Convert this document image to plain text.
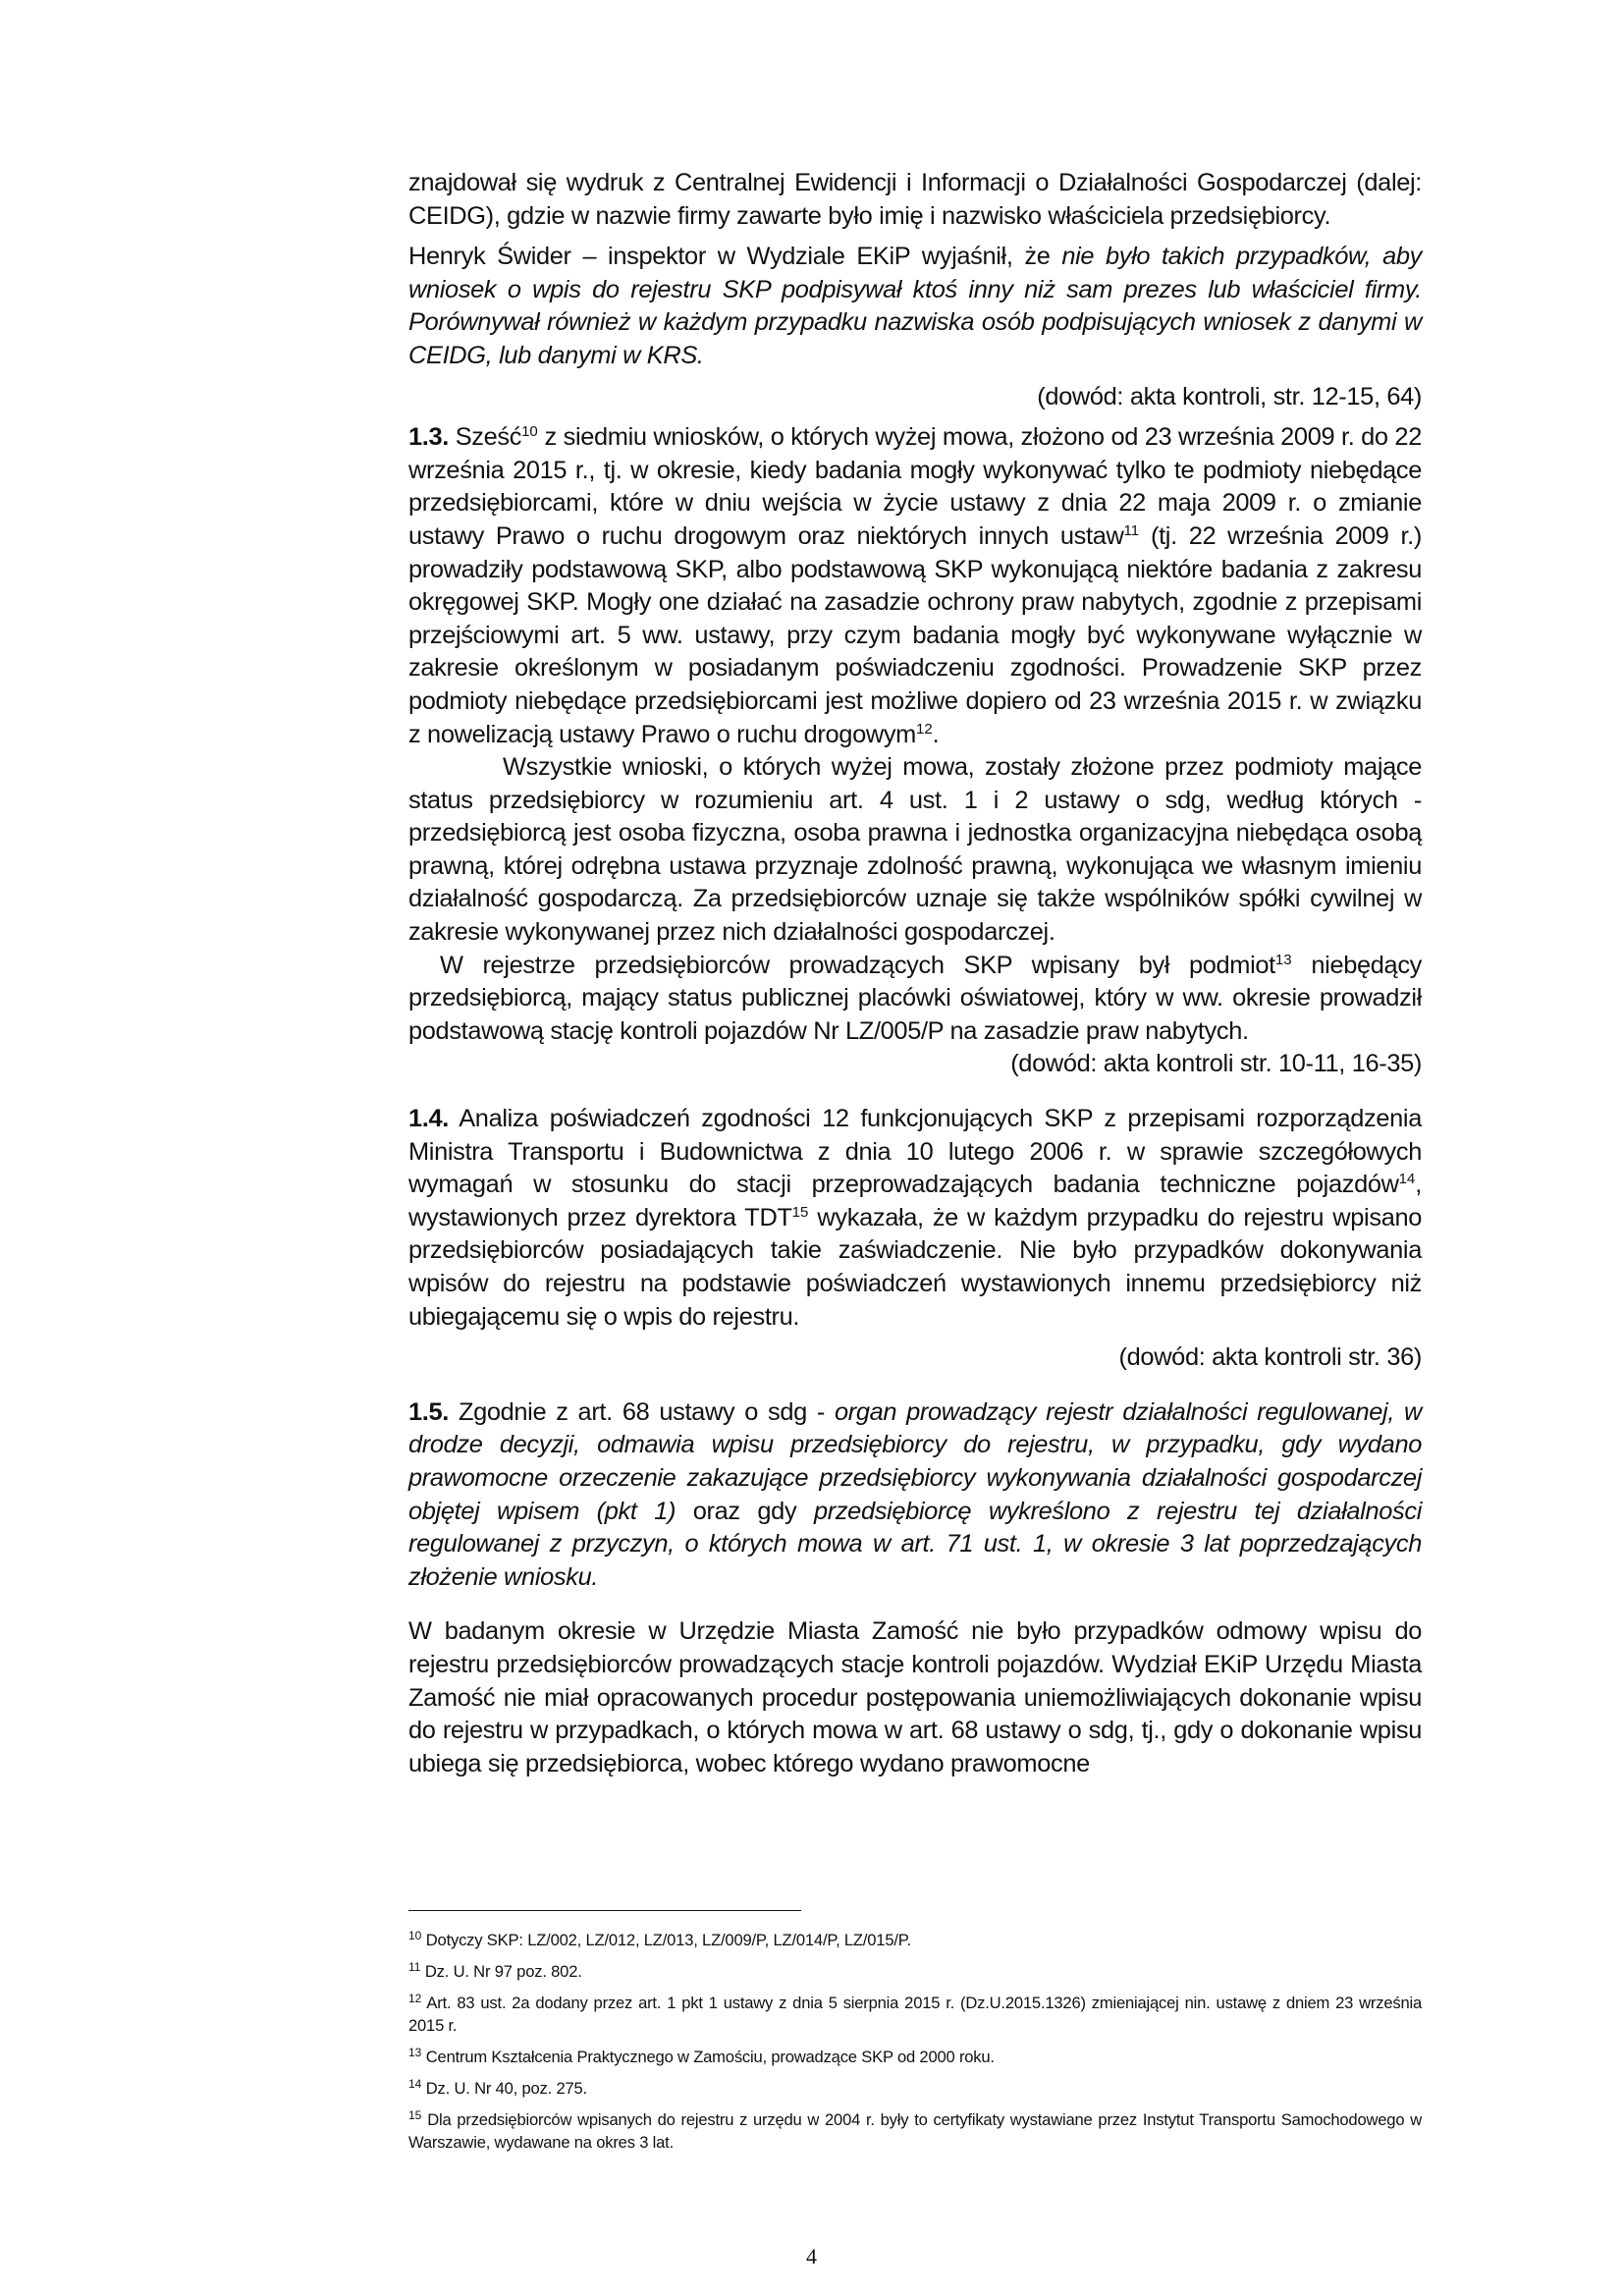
znajdował się wydruk z Centralnej Ewidencji i Informacji o Działalności Gospodarczej (dalej: CEIDG), gdzie w nazwie firmy zawarte było imię i nazwisko właściciela przedsiębiorcy.

Henryk Świder – inspektor w Wydziale EKiP wyjaśnił, że nie było takich przypadków, aby wniosek o wpis do rejestru SKP podpisywał ktoś inny niż sam prezes lub właściciel firmy. Porównywał również w każdym przypadku nazwiska osób podpisujących wniosek z danymi w CEIDG, lub danymi w KRS.

(dowód: akta kontroli, str. 12-15, 64)

1.3. Sześć$^{10}$ z siedmiu wniosków, o których wyżej mowa, złożono od 23 września 2009 r. do 22 września 2015 r., tj. w okresie, kiedy badania mogły wykonywać tylko te podmioty niebędące przedsiębiorcami, które w dniu wejścia w życie ustawy z dnia 22 maja 2009 r. o zmianie ustawy Prawo o ruchu drogowym oraz niektórych innych ustaw$^{11}$ (tj. 22 września 2009 r.) prowadziły podstawową SKP, albo podstawową SKP wykonującą niektóre badania z zakresu okręgowej SKP. Mogły one działać na zasadzie ochrony praw nabytych, zgodnie z przepisami przejściowymi art. 5 ww. ustawy, przy czym badania mogły być wykonywane wyłącznie w zakresie określonym w posiadanym poświadczeniu zgodności. Prowadzenie SKP przez podmioty niebędące przedsiębiorcami jest możliwe dopiero od 23 września 2015 r. w związku z nowelizacją ustawy Prawo o ruchu drogowym$^{12}$.

Wszystkie wnioski, o których wyżej mowa, zostały złożone przez podmioty mające status przedsiębiorcy w rozumieniu art. 4 ust. 1 i 2 ustawy o sdg, według których - przedsiębiorcą jest osoba fizyczna, osoba prawna i jednostka organizacyjna niebędąca osobą prawną, której odrębna ustawa przyznaje zdolność prawną, wykonująca we własnym imieniu działalność gospodarczą. Za przedsiębiorców uznaje się także wspólników spółki cywilnej w zakresie wykonywanej przez nich działalności gospodarczej.

W rejestrze przedsiębiorców prowadzących SKP wpisany był podmiot$^{13}$ niebędący przedsiębiorcą, mający status publicznej placówki oświatowej, który w ww. okresie prowadził podstawową stację kontroli pojazdów Nr LZ/005/P na zasadzie praw nabytych.

(dowód: akta kontroli str. 10-11, 16-35)

1.4. Analiza poświadczeń zgodności 12 funkcjonujących SKP z przepisami rozporządzenia Ministra Transportu i Budownictwa z dnia 10 lutego 2006 r. w sprawie szczegółowych wymagań w stosunku do stacji przeprowadzających badania techniczne pojazdów$^{14}$, wystawionych przez dyrektora TDT$^{15}$ wykazała, że w każdym przypadku do rejestru wpisano przedsiębiorców posiadających takie zaświadczenie. Nie było przypadków dokonywania wpisów do rejestru na podstawie poświadczeń wystawionych innemu przedsiębiorcy niż ubiegającemu się o wpis do rejestru.

(dowód: akta kontroli str. 36)

1.5. Zgodnie z art. 68 ustawy o sdg - organ prowadzący rejestr działalności regulowanej, w drodze decyzji, odmawia wpisu przedsiębiorcy do rejestru, w przypadku, gdy wydano prawomocne orzeczenie zakazujące przedsiębiorcy wykonywania działalności gospodarczej objętej wpisem (pkt 1) oraz gdy przedsiębiorcę wykreślono z rejestru tej działalności regulowanej z przyczyn, o których mowa w art. 71 ust. 1, w okresie 3 lat poprzedzających złożenie wniosku.

W badanym okresie w Urzędzie Miasta Zamość nie było przypadków odmowy wpisu do rejestru przedsiębiorców prowadzących stacje kontroli pojazdów. Wydział EKiP Urzędu Miasta Zamość nie miał opracowanych procedur postępowania uniemożliwiających dokonanie wpisu do rejestru w przypadkach, o których mowa w art. 68 ustawy o sdg, tj., gdy o dokonanie wpisu ubiega się przedsiębiorca, wobec którego wydano prawomocne

$^{10}$ Dotyczy SKP: LZ/002, LZ/012, LZ/013, LZ/009/P, LZ/014/P, LZ/015/P.

$^{11}$ Dz. U. Nr 97 poz. 802.

$^{12}$ Art. 83 ust. 2a dodany przez art. 1 pkt 1 ustawy z dnia 5 sierpnia 2015 r. (Dz.U.2015.1326) zmieniającej nin. ustawę z dniem 23 września 2015 r.

$^{13}$ Centrum Kształcenia Praktycznego w Zamościu, prowadzące SKP od 2000 roku.

$^{14}$ Dz. U. Nr 40, poz. 275.

$^{15}$ Dla przedsiębiorców wpisanych do rejestru z urzędu w 2004 r. były to certyfikaty wystawiane przez Instytut Transportu Samochodowego w Warszawie, wydawane na okres 3 lat.

4
